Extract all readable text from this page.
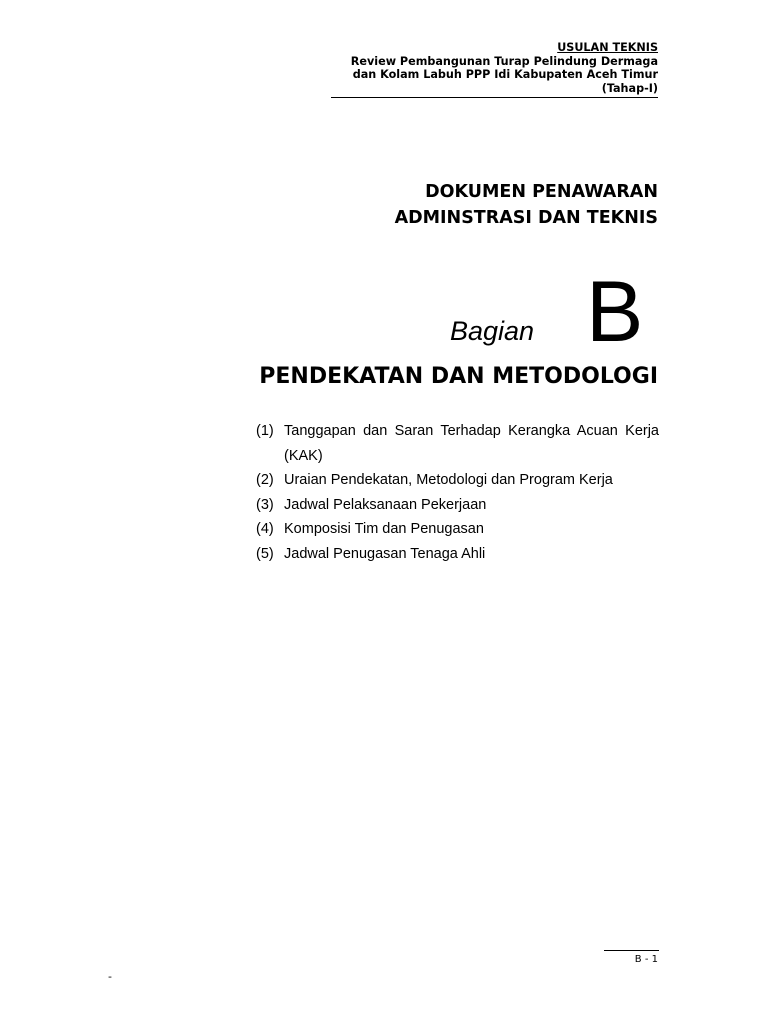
USULAN TEKNIS
Review Pembangunan Turap Pelindung Dermaga
dan Kolam Labuh PPP Idi Kabupaten Aceh Timur
(Tahap-I)
DOKUMEN PENAWARAN
ADMINSTRASI DAN TEKNIS
Bagian B
PENDEKATAN DAN METODOLOGI
(1) Tanggapan dan Saran Terhadap Kerangka Acuan Kerja (KAK)
(2) Uraian Pendekatan, Metodologi dan Program Kerja
(3) Jadwal Pelaksanaan Pekerjaan
(4) Komposisi Tim dan Penugasan
(5) Jadwal Penugasan Tenaga Ahli
B - 1
-
